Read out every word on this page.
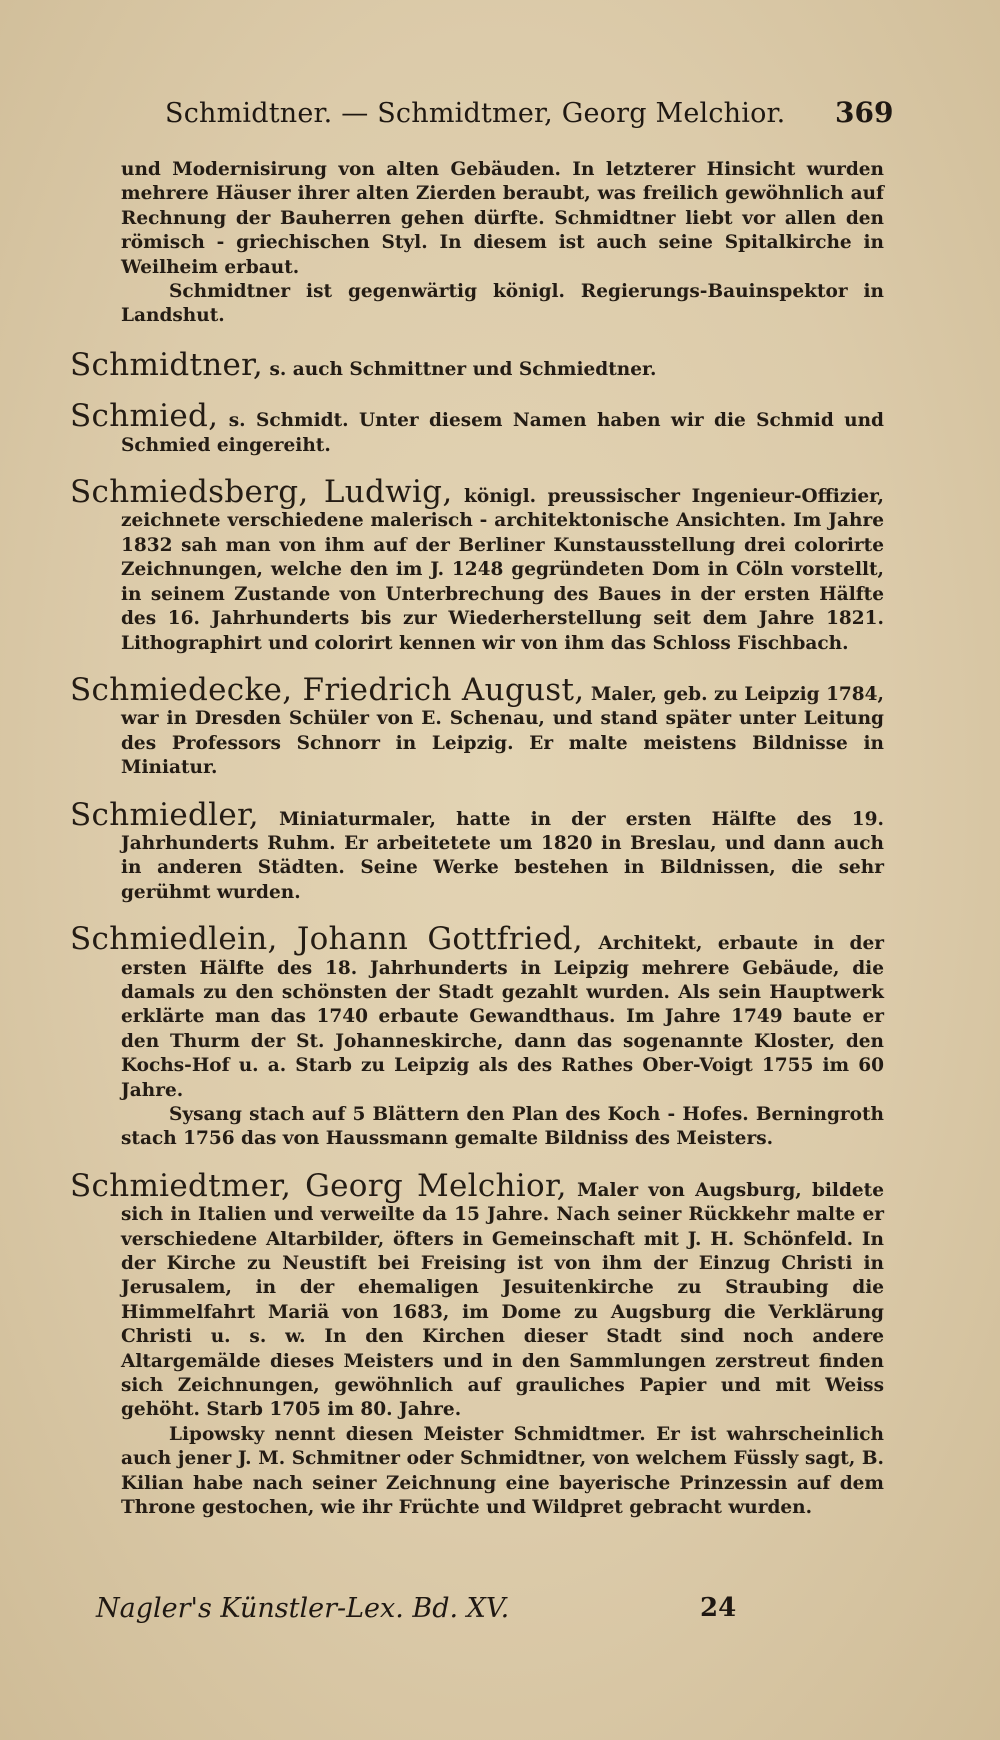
Schmidtner. — Schmidtmer, Georg Melchior.	369

und Modernisirung von alten Gebäuden. In letzterer Hinsicht wurden mehrere Häuser ihrer alten Zierden beraubt, was freilich gewöhnlich auf Rechnung der Bauherren gehen dürfte. Schmidtner liebt vor allen den römisch - griechischen Styl. In diesem ist auch seine Spitalkirche in Weilheim erbaut.

Schmidtner ist gegenwärtig königl. Regierungs-Bauinspektor in Landshut.

Schmidtner, s. auch Schmittner und Schmiedtner.

Schmied, s. Schmidt. Unter diesem Namen haben wir die Schmid und Schmied eingereiht.

Schmiedsberg, Ludwig, königl. preussischer Ingenieur-Offizier, zeichnete verschiedene malerisch - architektonische Ansichten. Im Jahre 1832 sah man von ihm auf der Berliner Kunstausstellung drei colorirte Zeichnungen, welche den im J. 1248 gegründeten Dom in Cöln vorstellt, in seinem Zustande von Unterbrechung des Baues in der ersten Hälfte des 16. Jahrhunderts bis zur Wiederherstellung seit dem Jahre 1821. Lithographirt und colorirt kennen wir von ihm das Schloss Fischbach.

Schmiedecke, Friedrich August, Maler, geb. zu Leipzig 1784, war in Dresden Schüler von E. Schenau, und stand später unter Leitung des Professors Schnorr in Leipzig. Er malte meistens Bildnisse in Miniatur.

Schmiedler, Miniaturmaler, hatte in der ersten Hälfte des 19. Jahrhunderts Ruhm. Er arbeitetete um 1820 in Breslau, und dann auch in anderen Städten. Seine Werke bestehen in Bildnissen, die sehr gerühmt wurden.

Schmiedlein, Johann Gottfried, Architekt, erbaute in der ersten Hälfte des 18. Jahrhunderts in Leipzig mehrere Gebäude, die damals zu den schönsten der Stadt gezahlt wurden. Als sein Hauptwerk erklärte man das 1740 erbaute Gewandthaus. Im Jahre 1749 baute er den Thurm der St. Johanneskirche, dann das sogenannte Kloster, den Kochs-Hof u. a. Starb zu Leipzig als des Rathes Ober-Voigt 1755 im 60 Jahre.

Sysang stach auf 5 Blättern den Plan des Koch - Hofes. Berningroth stach 1756 das von Haussmann gemalte Bildniss des Meisters.

Schmiedtmer, Georg Melchior, Maler von Augsburg, bildete sich in Italien und verweilte da 15 Jahre. Nach seiner Rückkehr malte er verschiedene Altarbilder, öfters in Gemeinschaft mit J. H. Schönfeld. In der Kirche zu Neustift bei Freising ist von ihm der Einzug Christi in Jerusalem, in der ehemaligen Jesuitenkirche zu Straubing die Himmelfahrt Mariä von 1683, im Dome zu Augsburg die Verklärung Christi u. s. w. In den Kirchen dieser Stadt sind noch andere Altargemälde dieses Meisters und in den Sammlungen zerstreut finden sich Zeichnungen, gewöhnlich auf grauliches Papier und mit Weiss gehöht. Starb 1705 im 80. Jahre.

Lipowsky nennt diesen Meister Schmidtmer. Er ist wahrscheinlich auch jener J. M. Schmitner oder Schmidtner, von welchem Füssly sagt, B. Kilian habe nach seiner Zeichnung eine bayerische Prinzessin auf dem Throne gestochen, wie ihr Früchte und Wildpret gebracht wurden.

Nagler's Künstler-Lex. Bd. XV.	24
